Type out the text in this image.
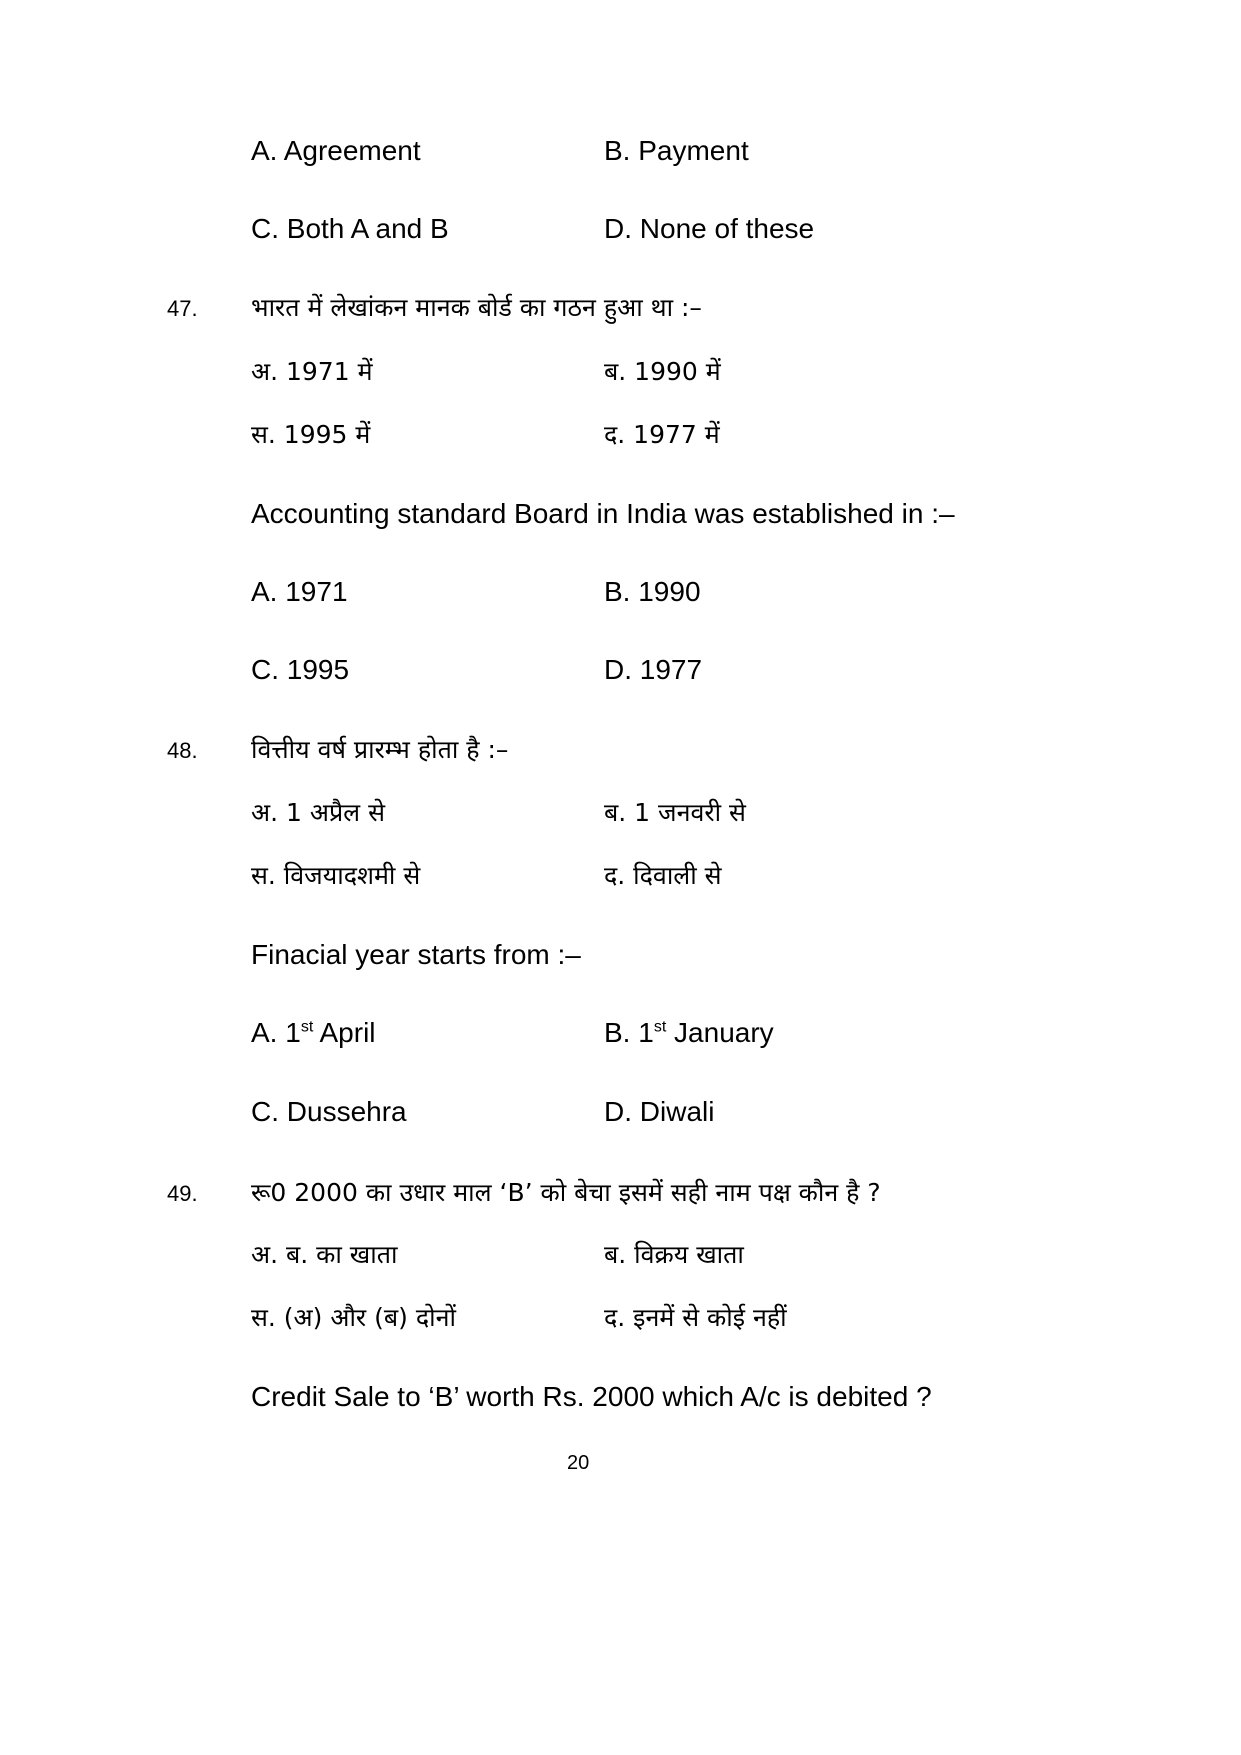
A. Agreement	B. Payment
C. Both A and B	D. None of these
47. भारत में लेखांकन मानक बोर्ड का गठन हुआ था :–
अ. 1971 में	ब. 1990 में
स. 1995 में	द. 1977 में
Accounting standard Board in India was established in :–
A. 1971	B. 1990
C. 1995	D. 1977
48. वित्तीय वर्ष प्रारम्भ होता है :–
अ. 1 अप्रैल से	ब. 1 जनवरी से
स. विजयादशमी से	द. दिवाली से
Finacial year starts from :–
A. 1st April	B. 1st January
C. Dussehra	D. Diwali
49. रू0 2000 का उधार माल ‘B’ को बेचा इसमें सही नाम पक्ष कौन है ?
अ. ब. का खाता	ब. विक्रय खाता
स. (अ) और (ब) दोनों	द. इनमें से कोई नहीं
Credit Sale to ‘B’ worth Rs. 2000 which A/c is debited ?
20
